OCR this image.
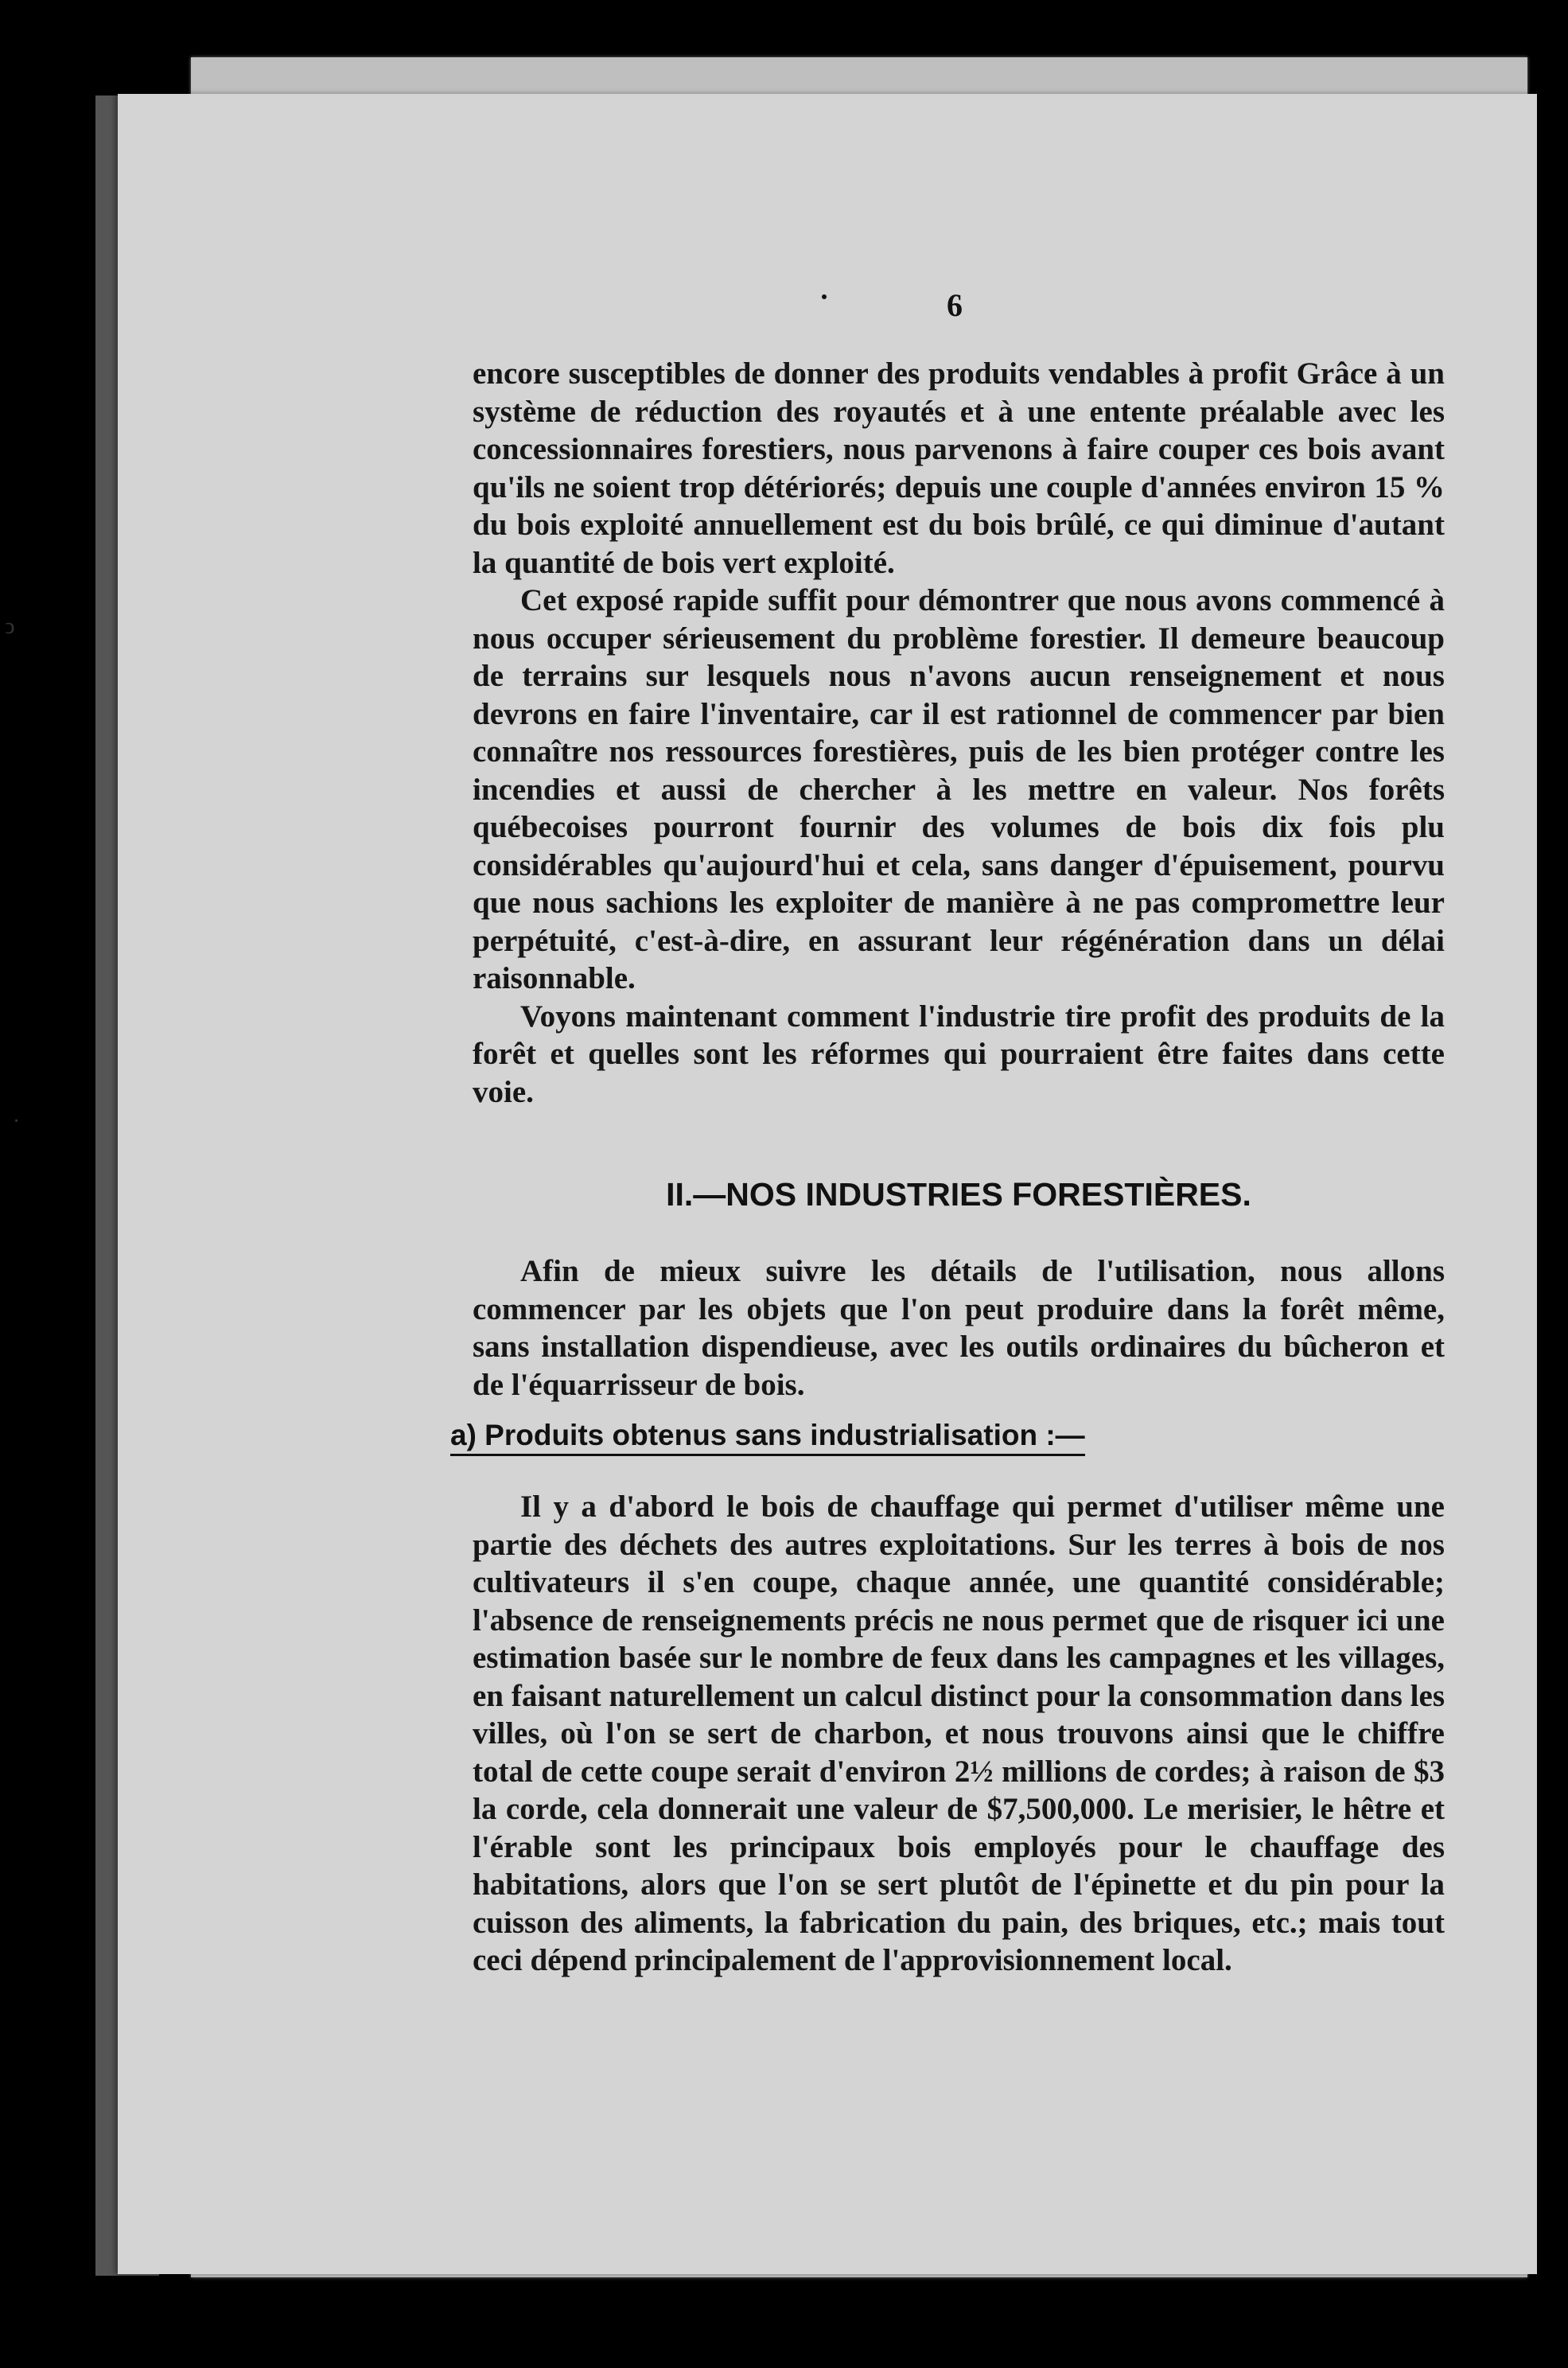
6

encore susceptibles de donner des produits vendables à profit Grâce à un système de réduction des royautés et à une entente préalable avec les concessionnaires forestiers, nous parvenons à faire couper ces bois avant qu'ils ne soient trop détériorés; depuis une couple d'années environ 15 % du bois exploité annuellement est du bois brûlé, ce qui diminue d'autant la quantité de bois vert exploité.

Cet exposé rapide suffit pour démontrer que nous avons commencé à nous occuper sérieusement du problème forestier. Il demeure beaucoup de terrains sur lesquels nous n'avons aucun renseignement et nous devrons en faire l'inventaire, car il est rationnel de commencer par bien connaître nos ressources forestières, puis de les bien protéger contre les incendies et aussi de chercher à les mettre en valeur. Nos forêts québecoises pourront fournir des volumes de bois dix fois plu considérables qu'aujourd'hui et cela, sans danger d'épuisement, pourvu que nous sachions les exploiter de manière à ne pas compromettre leur perpétuité, c'est-à-dire, en assurant leur régénération dans un délai raisonnable.

Voyons maintenant comment l'industrie tire profit des produits de la forêt et quelles sont les réformes qui pourraient être faites dans cette voie.

II.—NOS INDUSTRIES FORESTIÈRES.

Afin de mieux suivre les détails de l'utilisation, nous allons commencer par les objets que l'on peut produire dans la forêt même, sans installation dispendieuse, avec les outils ordinaires du bûcheron et de l'équarrisseur de bois.

a) Produits obtenus sans industrialisation :—

Il y a d'abord le bois de chauffage qui permet d'utiliser même une partie des déchets des autres exploitations. Sur les terres à bois de nos cultivateurs il s'en coupe, chaque année, une quantité considérable; l'absence de renseignements précis ne nous permet que de risquer ici une estimation basée sur le nombre de feux dans les campagnes et les villages, en faisant naturellement un calcul distinct pour la consommation dans les villes, où l'on se sert de charbon, et nous trouvons ainsi que le chiffre total de cette coupe serait d'environ 2½ millions de cordes; à raison de $3 la corde, cela donnerait une valeur de $7,500,000. Le merisier, le hêtre et l'érable sont les principaux bois employés pour le chauffage des habitations, alors que l'on se sert plutôt de l'épinette et du pin pour la cuisson des aliments, la fabrication du pain, des briques, etc.; mais tout ceci dépend principalement de l'approvisionnement local.

ↄ
·
